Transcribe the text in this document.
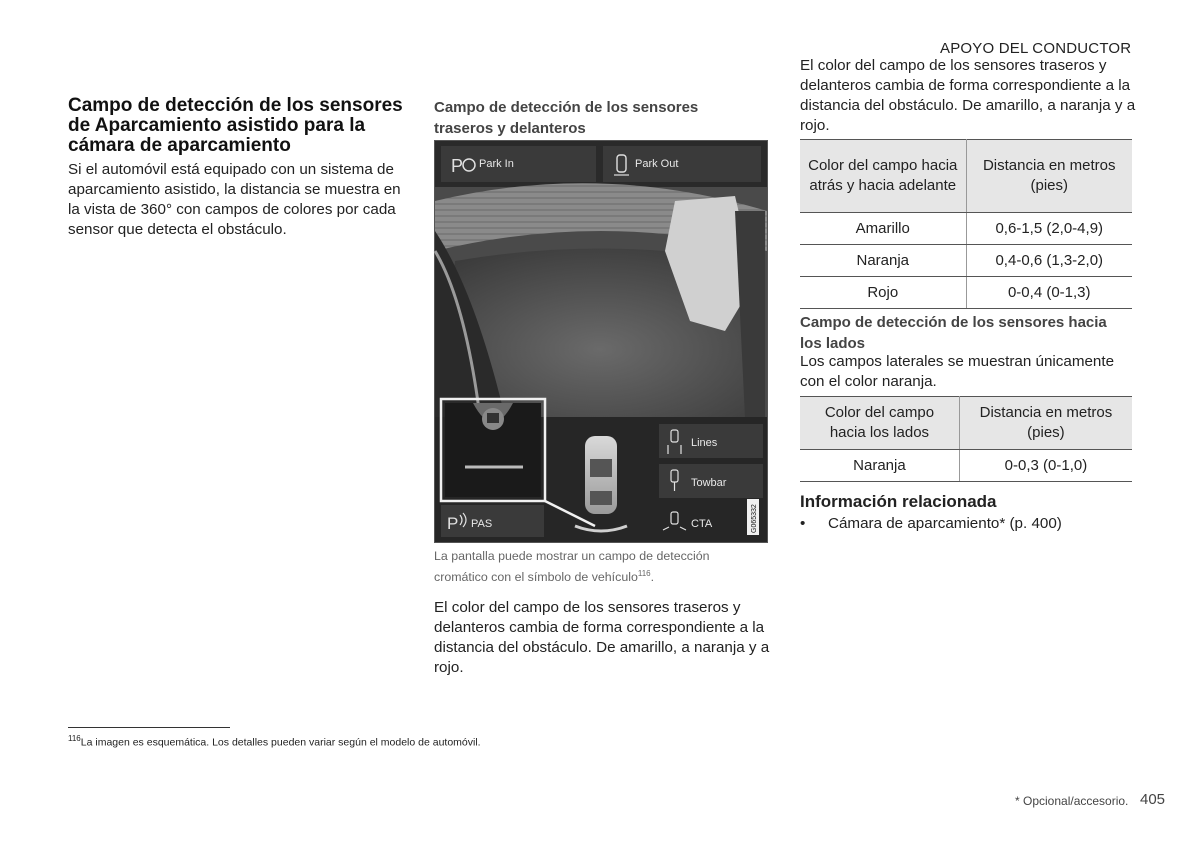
APOYO DEL CONDUCTOR
Campo de detección de los sensores de Aparcamiento asistido para la cámara de aparcamiento
Si el automóvil está equipado con un sistema de aparcamiento asistido, la distancia se muestra en la vista de 360° con campos de colores por cada sensor que detecta el obstáculo.
Campo de detección de los sensores traseros y delanteros
P Park In	Park Out
Lines
Towbar
P PAS	CTA	G065332
La pantalla puede mostrar un campo de detección cromático con el símbolo de vehículo$^{116}$.
El color del campo de los sensores traseros y delanteros cambia de forma correspondiente a la distancia del obstáculo. De amarillo, a naranja y a rojo.
El color del campo de los sensores traseros y delanteros cambia de forma correspondiente a la distancia del obstáculo. De amarillo, a naranja y a rojo.
Color del campo hacia atrás y hacia adelante	Distancia en metros (pies)
Amarillo	0,6-1,5 (2,0-4,9)
Naranja	0,4-0,6 (1,3-2,0)
Rojo	0-0,4 (0-1,3)
Campo de detección de los sensores hacia los lados
Los campos laterales se muestran únicamente con el color naranja.
Color del campo hacia los lados	Distancia en metros (pies)
Naranja	0-0,3 (0-1,0)
Información relacionada
• Cámara de aparcamiento* (p. 400)
$^{116}$La imagen es esquemática. Los detalles pueden variar según el modelo de automóvil.
* Opcional/accesorio. 405
